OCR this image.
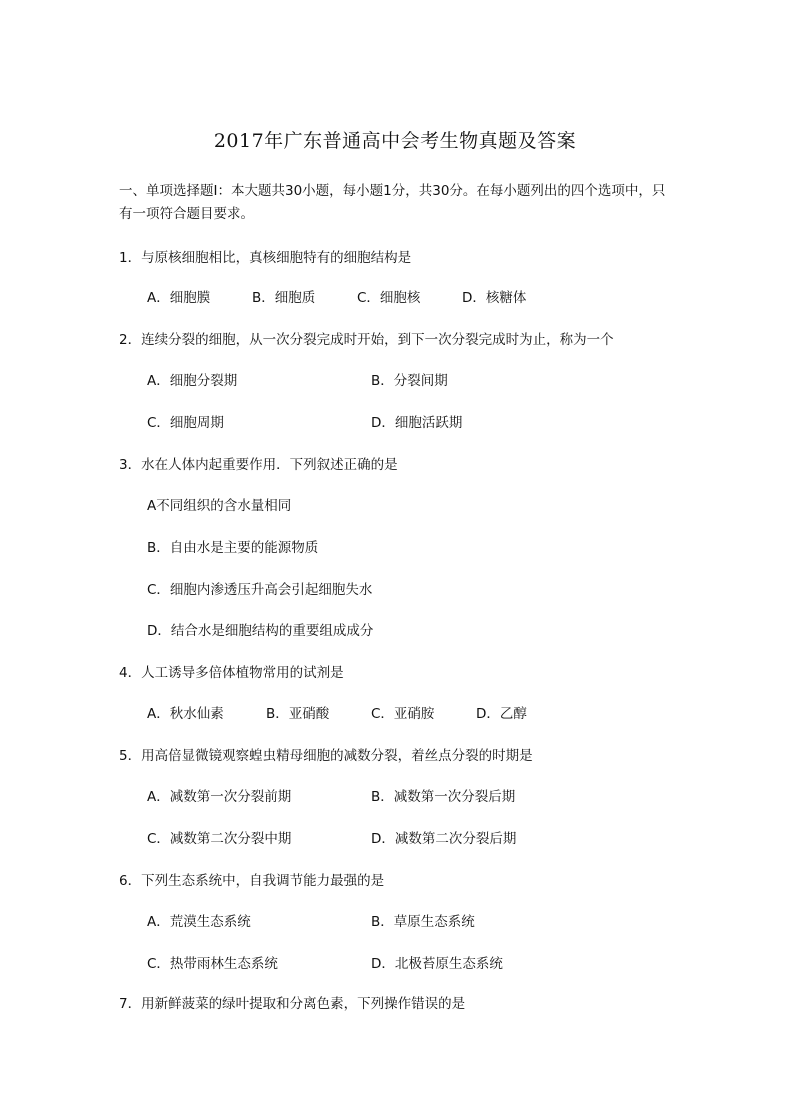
2017年广东普通高中会考生物真题及答案
一、单项选择题I：本大题共30小题，每小题1分，共30分。在每小题列出的四个选项中，只有一项符合题目要求。
1．与原核细胞相比，真核细胞特有的细胞结构是
A．细胞膜	B．细胞质	C．细胞核	D．核糖体
2．连续分裂的细胞，从一次分裂完成时开始，到下一次分裂完成时为止，称为一个
A．细胞分裂期	B．分裂间期
C．细胞周期	D．细胞活跃期
3．水在人体内起重要作用．下列叙述正确的是
A不同组织的含水量相同
B．自由水是主要的能源物质
C．细胞内渗透压升高会引起细胞失水
D．结合水是细胞结构的重要组成成分
4．人工诱导多倍体植物常用的试剂是
A．秋水仙素	B．亚硝酸	C．亚硝胺	D．乙醇
5．用高倍显微镜观察蝗虫精母细胞的减数分裂，着丝点分裂的时期是
A．减数第一次分裂前期	B．减数第一次分裂后期
C．减数第二次分裂中期	D．减数第二次分裂后期
6．下列生态系统中，自我调节能力最强的是
A．荒漠生态系统	B．草原生态系统
C．热带雨林生态系统	D．北极苔原生态系统
7．用新鲜菠菜的绿叶提取和分离色素，下列操作错误的是
